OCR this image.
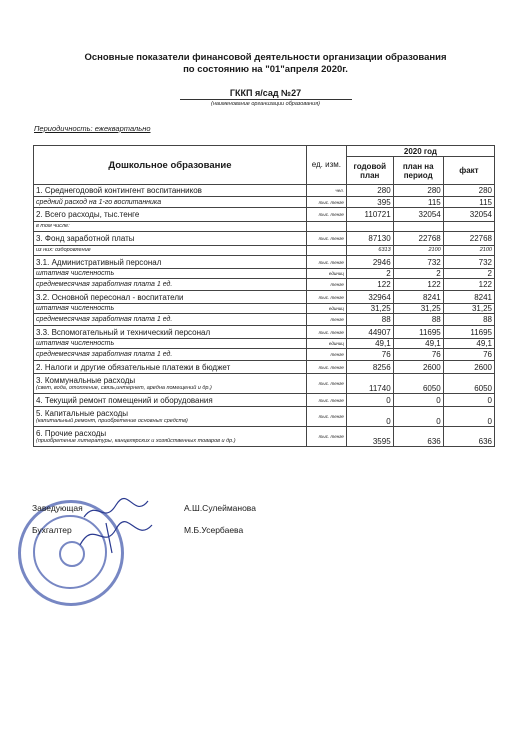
Основные показатели финансовой деятельности организации образования
по состоянию на "01"апреля 2020г.
ГККП я/сад №27
(наименование организации образования)
Периодичность: ежеквартально
Дошкольное образование	ед. изм.	2020 год		
		годовой план	план на период	факт
1. Среднегодовой контингент воспитанников	чел.	280	280	280
средний расход на 1-го воспитанника	тыс. тенге	395	115	115
2. Всего расходы, тыс.тенге	тыс. тенге	110721	32054	32054
в том числе:				
3. Фонд заработной платы	тыс. тенге	87130	22768	22768
из них: оздоровление		6313	2100	2100
3.1. Административный персонал	тыс. тенге	2946	732	732
штатная численность	единиц	2	2	2
среднемесячная заработная плата 1 ед.	тенге	122	122	122
3.2. Основной пересонал - воспитатели	тыс. тенге	32964	8241	8241
штатная численность	единиц	31,25	31,25	31,25
среднемесячная заработная плата 1 ед.	тенге	88	88	88
3.3. Вспомогательный и технический персонал	тыс. тенге	44907	11695	11695
штатная численность	единиц	49,1	49,1	49,1
среднемесячная заработная плата 1 ед.	тенге	76	76	76
2. Налоги и другие обязательные платежи в бюджет	тыс. тенге	8256	2600	2600
3. Коммунальные расходы
(свет, вода, отопление, связь,интернет, аредна помещений и др.)	тыс. тенге	11740	6050	6050
4. Текущий ремонт помещений и оборудования	тыс. тенге	0	0	0
5. Капитальные расходы
(капитальный ремонт, приобретение основных средств)	тыс. тенге	0	0	0
6. Прочие расходы
(приобретение литературы, канцелярских и хозяйственных товаров и др.)	тыс. тенге	3595	636	636
Заведующая	А.Ш.Сулейманова
Бухгалтер	М.Б.Усербаева
